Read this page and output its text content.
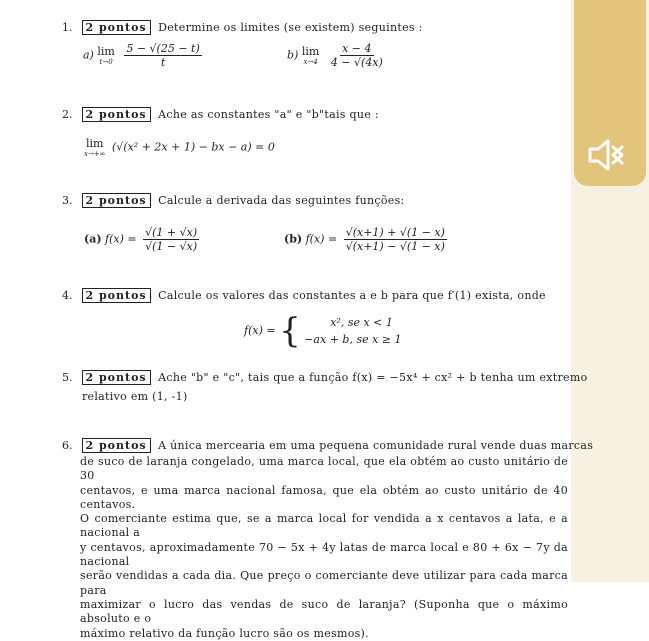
1. 2 pontos Determine os limites (se existem) seguintes :
a) lim
t→0
$\frac{5 - √(25 - t)}{t}$	b) lim
x→4
$\frac{x - 4}{4 - √(4x)}$
2. 2 pontos Ache as constantes "a" e "b"tais que :
lim
x→+∞
(√(x² + 2x + 1) − bx − a) = 0
3. 2 pontos Calcule a derivada das seguintes funções:
(a) $f(x) = \frac{√(1 + √x)}{√(1 - √x)}$	(b) $f(x) = \frac{√(x+1) + √(1 - x)}{√(x+1) - √(1 - x)}$
4. 2 pontos Calcule os valores das constantes a e b para que f′(1) exista, onde
f(x) = {	x², se x < 1
−ax + b, se x ≥ 1
5. 2 pontos Ache "b" e "c", tais que a função f(x) = −5x⁴ + cx² + b tenha um extremo
relativo em (1, -1)
6. 2 pontos A única mercearia em uma pequena comunidade rural vende duas marcas
de suco de laranja congelado, uma marca local, que ela obtém ao custo unitário de 30
centavos, e uma marca nacional famosa, que ela obtém ao custo unitário de 40 centavos.
O comerciante estima que, se a marca local for vendida a x centavos a lata, e a nacional a
y centavos, aproximadamente 70 − 5x + 4y latas de marca local e 80 + 6x − 7y da nacional
serão vendidas a cada dia. Que preço o comerciante deve utilizar para cada marca para
maximizar o lucro das vendas de suco de laranja? (Suponha que o máximo absoluto e o
máximo relativo da função lucro são os mesmos).
